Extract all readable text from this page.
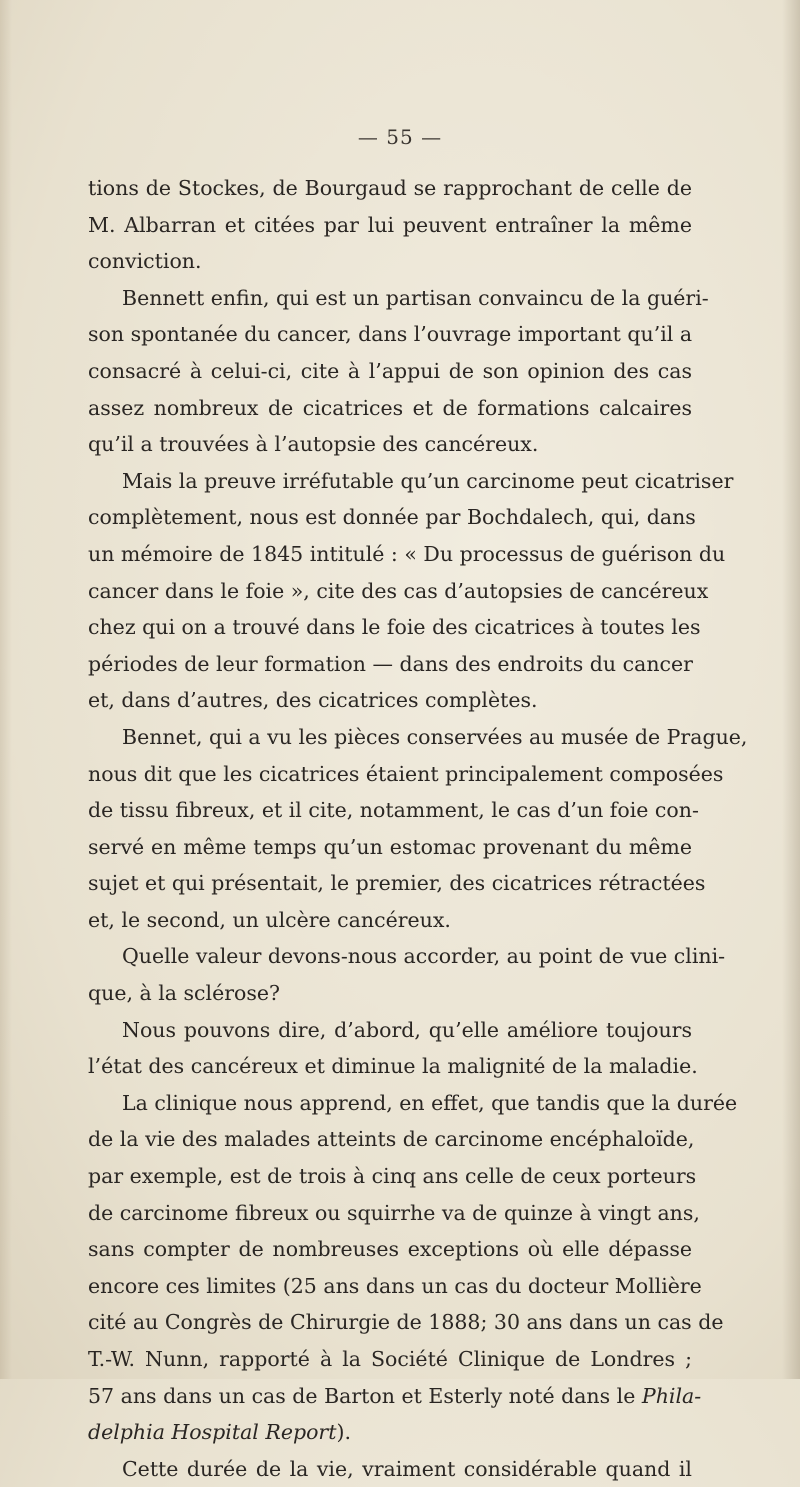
— 55 —
tions de Stockes, de Bourgaud se rapprochant de celle de
M. Albarran et citées par lui peuvent entraîner la même
conviction.
Bennett enfin, qui est un partisan convaincu de la guéri-
son spontanée du cancer, dans l’ouvrage important qu’il a
consacré à celui-ci, cite à l’appui de son opinion des cas
assez nombreux de cicatrices et de formations calcaires
qu’il a trouvées à l’autopsie des cancéreux.
Mais la preuve irréfutable qu’un carcinome peut cicatriser
complètement, nous est donnée par Bochdalech, qui, dans
un mémoire de 1845 intitulé : « Du processus de guérison du
cancer dans le foie », cite des cas d’autopsies de cancéreux
chez qui on a trouvé dans le foie des cicatrices à toutes les
périodes de leur formation — dans des endroits du cancer
et, dans d’autres, des cicatrices complètes.
Bennet, qui a vu les pièces conservées au musée de Prague,
nous dit que les cicatrices étaient principalement composées
de tissu fibreux, et il cite, notamment, le cas d’un foie con-
servé en même temps qu’un estomac provenant du même
sujet et qui présentait, le premier, des cicatrices rétractées
et, le second, un ulcère cancéreux.
Quelle valeur devons-nous accorder, au point de vue clini-
que, à la sclérose?
Nous pouvons dire, d’abord, qu’elle améliore toujours
l’état des cancéreux et diminue la malignité de la maladie.
La clinique nous apprend, en effet, que tandis que la durée
de la vie des malades atteints de carcinome encéphaloïde,
par exemple, est de trois à cinq ans celle de ceux porteurs
de carcinome fibreux ou squirrhe va de quinze à vingt ans,
sans compter de nombreuses exceptions où elle dépasse
encore ces limites (25 ans dans un cas du docteur Mollière
cité au Congrès de Chirurgie de 1888; 30 ans dans un cas de
T.-W. Nunn, rapporté à la Société Clinique de Londres ;
57 ans dans un cas de Barton et Esterly noté dans le Phila-
delphia Hospital Report).
Cette durée de la vie, vraiment considérable quand il
